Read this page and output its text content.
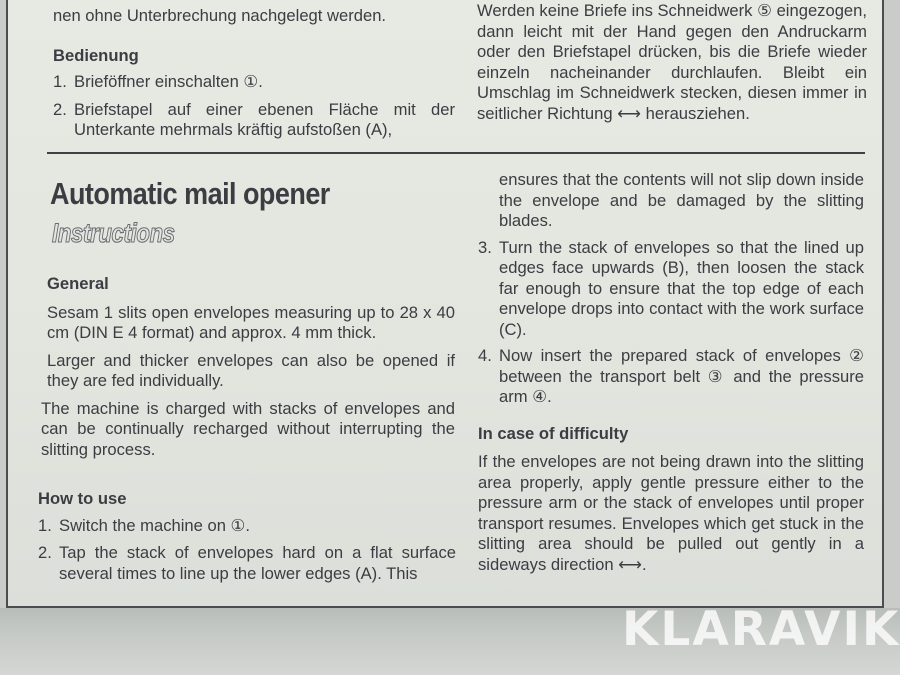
nen ohne Unterbrechung nachgelegt werden.

Bedienung

1. Brieföffner einschalten ①.
2. Briefstapel auf einer ebenen Fläche mit der Unterkante mehrmals kräftig aufstoßen (A),

Werden keine Briefe ins Schneidwerk ⑤ eingezogen, dann leicht mit der Hand gegen den Andruckarm oder den Briefstapel drücken, bis die Briefe wieder einzeln nacheinander durchlaufen. Bleibt ein Umschlag im Schneidwerk stecken, diesen immer in seitlicher Richtung ⟷ herausziehen.

Automatic mail opener
Instructions

General

Sesam 1 slits open envelopes measuring up to 28 x 40 cm (DIN E 4 format) and approx. 4 mm thick.

Larger and thicker envelopes can also be opened if they are fed individually.

The machine is charged with stacks of envelopes and can be continually recharged without interrupting the slitting process.

How to use

1. Switch the machine on ①.
2. Tap the stack of envelopes hard on a flat surface several times to line up the lower edges (A). This

ensures that the contents will not slip down inside the envelope and be damaged by the slitting blades.

3. Turn the stack of envelopes so that the lined up edges face upwards (B), then loosen the stack far enough to ensure that the top edge of each envelope drops into contact with the work surface (C).
4. Now insert the prepared stack of envelopes ② between the transport belt ③ and the pressure arm ④.

In case of difficulty

If the envelopes are not being drawn into the slitting area properly, apply gentle pressure either to the pressure arm or the stack of envelopes until proper transport resumes. Envelopes which get stuck in the slitting area should be pulled out gently in a sideways direction ⟷.

KLARAVIK
